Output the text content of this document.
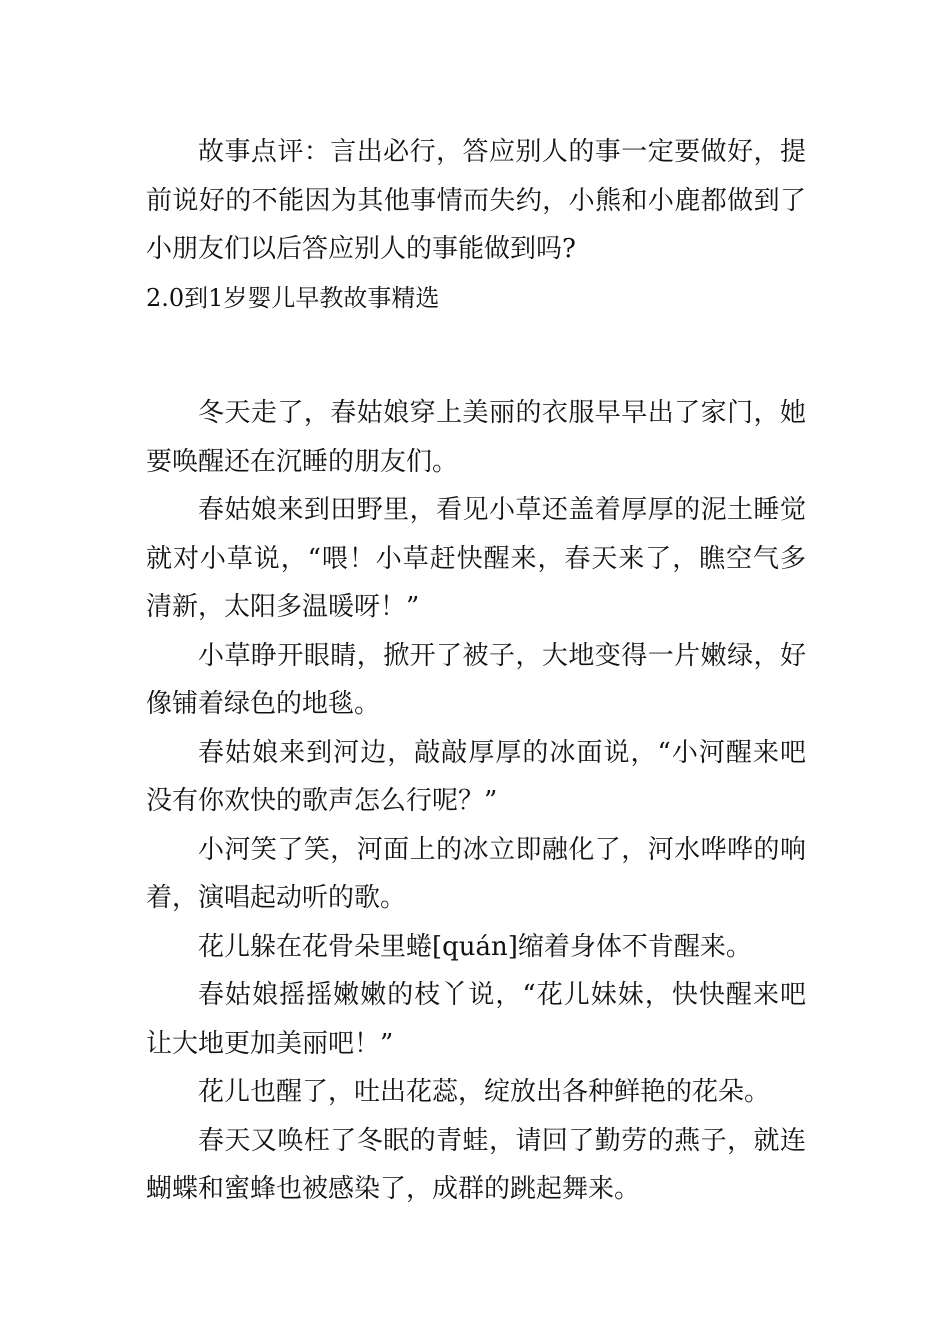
故事点评：言出必行，答应别人的事一定要做好，提前说好的不能因为其他事情而失约，小熊和小鹿都做到了小朋友们以后答应别人的事能做到吗?

2.0到1岁婴儿早教故事精选

冬天走了，春姑娘穿上美丽的衣服早早出了家门，她要唤醒还在沉睡的朋友们。

春姑娘来到田野里，看见小草还盖着厚厚的泥土睡觉就对小草说，“喂！小草赶快醒来，春天来了，瞧空气多清新，太阳多温暖呀！”

小草睁开眼睛，掀开了被子，大地变得一片嫩绿，好像铺着绿色的地毯。

春姑娘来到河边，敲敲厚厚的冰面说，“小河醒来吧没有你欢快的歌声怎么行呢？”

小河笑了笑，河面上的冰立即融化了，河水哗哗的响着，演唱起动听的歌。

花儿躲在花骨朵里蜷[quán]缩着身体不肯醒来。

春姑娘摇摇嫩嫩的枝丫说，“花儿妹妹，快快醒来吧让大地更加美丽吧！”

花儿也醒了，吐出花蕊，绽放出各种鲜艳的花朵。

春天又唤枉了冬眠的青蛙，请回了勤劳的燕子，就连蝴蝶和蜜蜂也被感染了，成群的跳起舞来。
